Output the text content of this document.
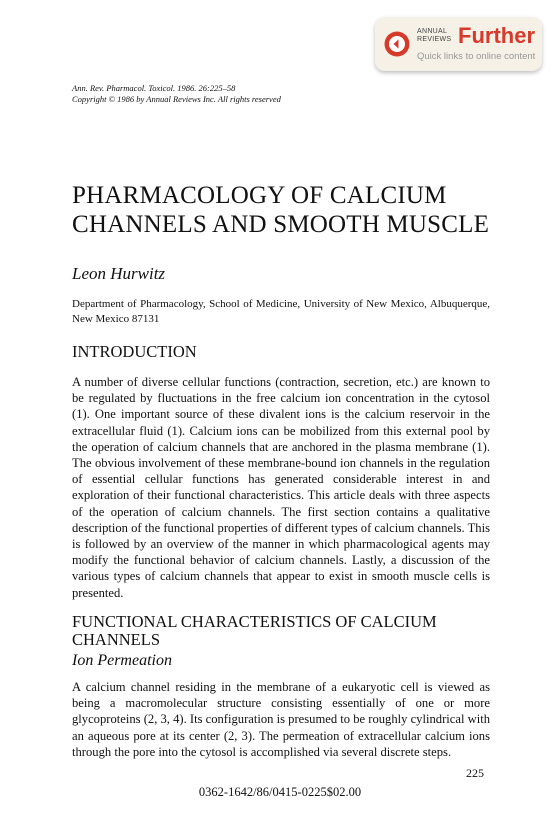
ANNUAL REVIEWS Further
Quick links to online content
Ann. Rev. Pharmacol. Toxicol. 1986. 26:225–58
Copyright © 1986 by Annual Reviews Inc. All rights reserved
PHARMACOLOGY OF CALCIUM
CHANNELS AND SMOOTH MUSCLE
Leon Hurwitz
Department of Pharmacology, School of Medicine, University of New Mexico, Albuquerque, New Mexico 87131
INTRODUCTION
A number of diverse cellular functions (contraction, secretion, etc.) are known to be regulated by fluctuations in the free calcium ion concentration in the cytosol (1). One important source of these divalent ions is the calcium reservoir in the extracellular fluid (1). Calcium ions can be mobilized from this external pool by the operation of calcium channels that are anchored in the plasma membrane (1). The obvious involvement of these membrane-bound ion channels in the regulation of essential cellular functions has generated considerable interest in and exploration of their functional characteristics. This article deals with three aspects of the operation of calcium channels. The first section contains a qualitative description of the functional properties of different types of calcium channels. This is followed by an overview of the manner in which pharmacological agents may modify the functional behavior of calcium channels. Lastly, a discussion of the various types of calcium channels that appear to exist in smooth muscle cells is presented.
FUNCTIONAL CHARACTERISTICS OF CALCIUM
CHANNELS
Ion Permeation
A calcium channel residing in the membrane of a eukaryotic cell is viewed as being a macromolecular structure consisting essentially of one or more glycoproteins (2, 3, 4). Its configuration is presumed to be roughly cylindrical with an aqueous pore at its center (2, 3). The permeation of extracellular calcium ions through the pore into the cytosol is accomplished via several discrete steps.
225
0362-1642/86/0415-0225$02.00
